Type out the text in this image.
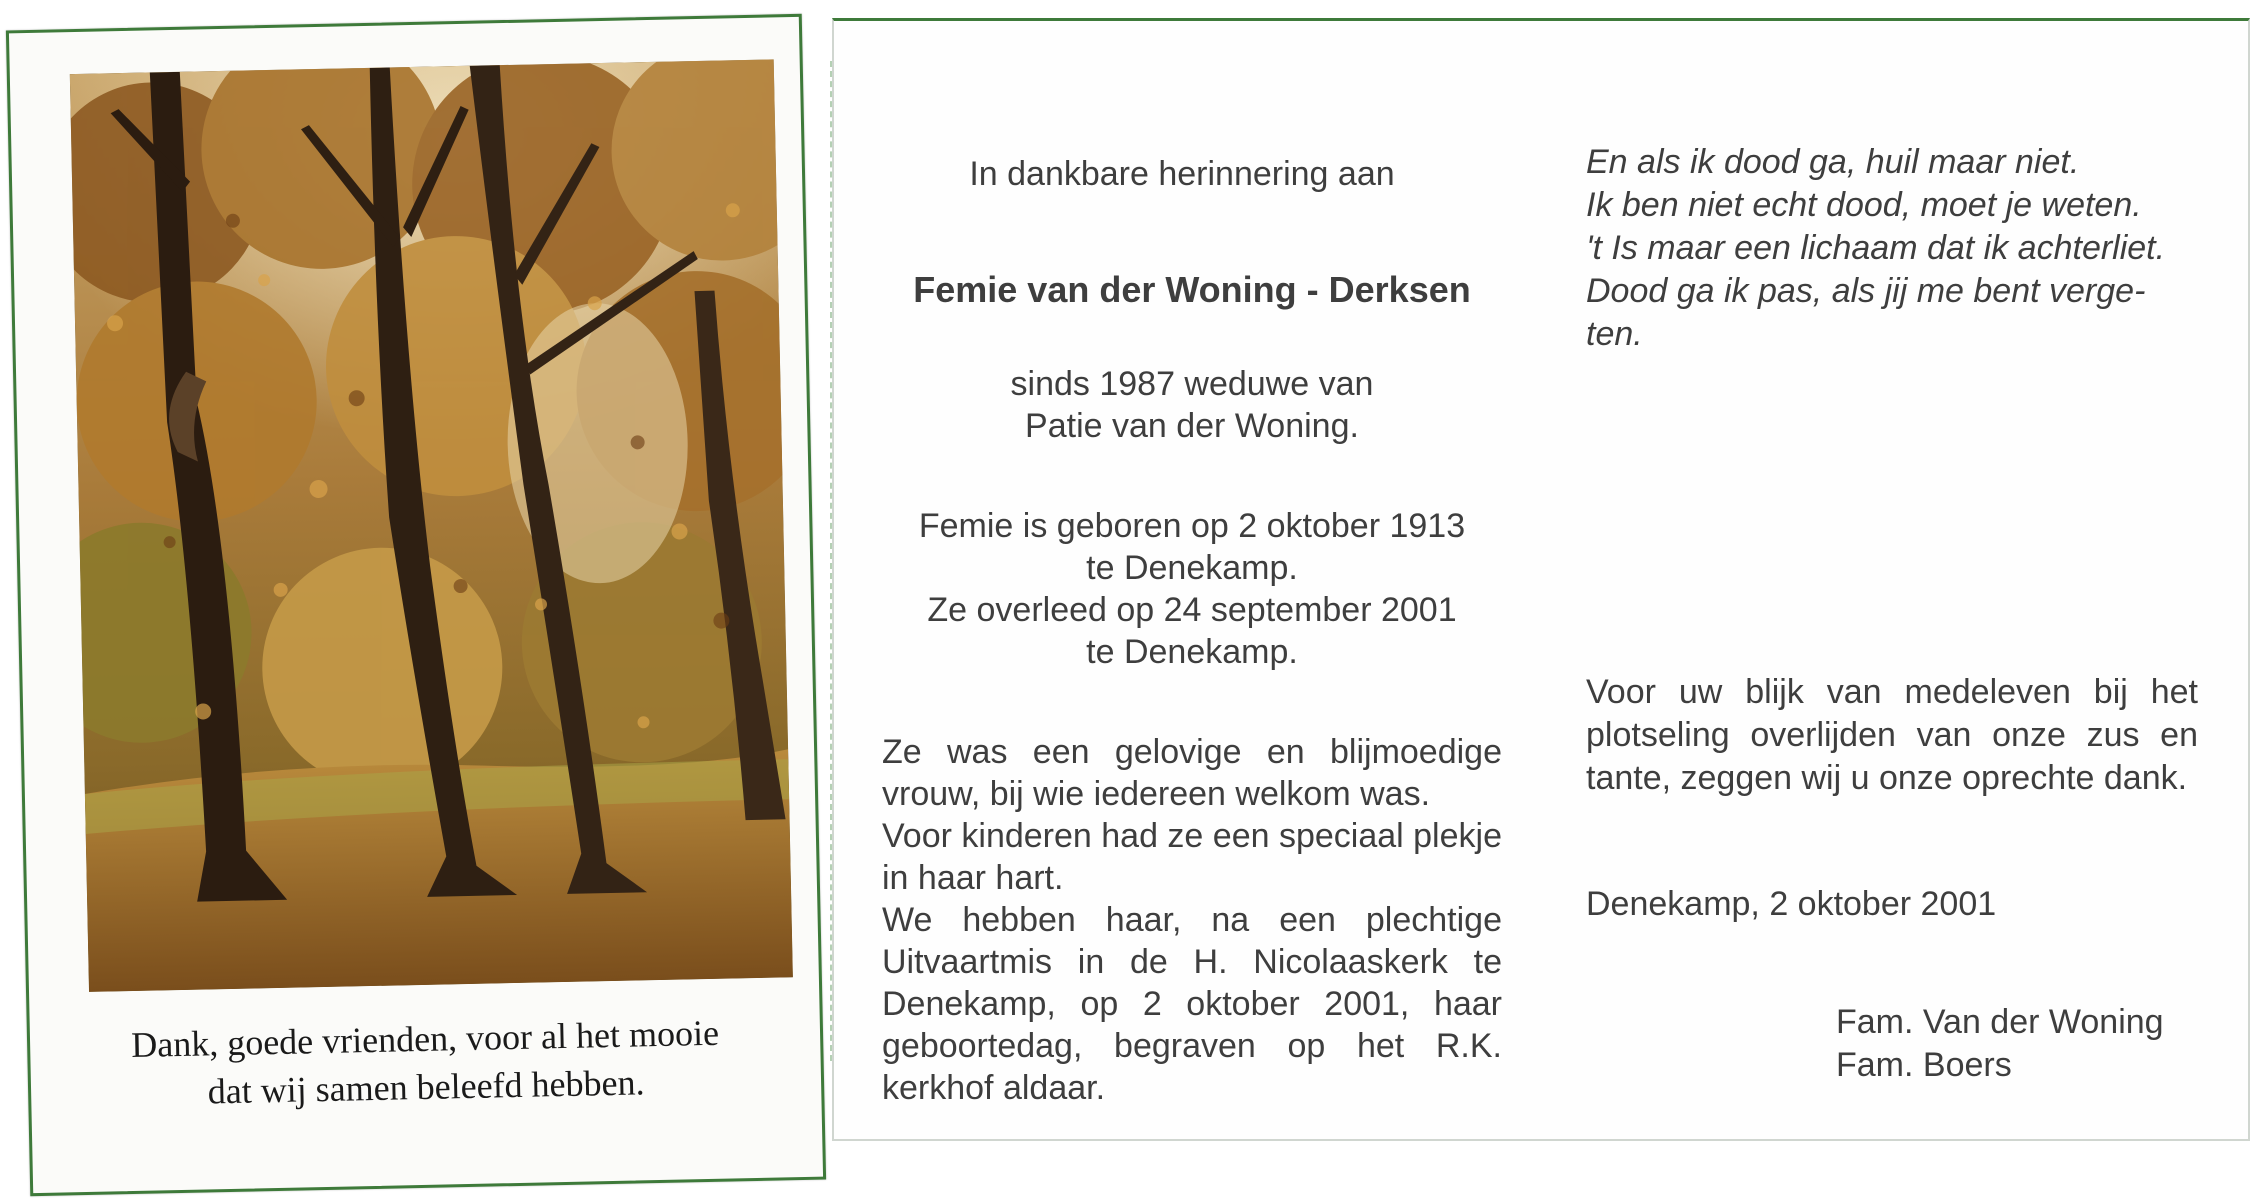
Dank, goede vrienden, voor al het mooie
dat wij samen beleefd hebben.
In dankbare herinnering aan
Femie van der Woning - Derksen
sinds 1987 weduwe van
Patie van der Woning.
Femie is geboren op 2 oktober 1913
te Denekamp.
Ze overleed op 24 september 2001
te Denekamp.

Ze was een gelovige en blijmoedige vrouw, bij wie iedereen welkom was.

Voor kinderen had ze een speciaal plekje in haar hart.

We hebben haar, na een plechtige Uitvaartmis in de H. Nicolaaskerk te Denekamp, op 2 oktober 2001, haar geboortedag, begraven op het R.K. kerkhof aldaar.

En als ik dood ga, huil maar niet.
Ik ben niet echt dood, moet je weten.
't Is maar een lichaam dat ik achterliet.
Dood ga ik pas, als jij me bent verge-
ten.
Voor uw blijk van medeleven bij het plotseling overlijden van onze zus en tante, zeggen wij u onze oprechte dank.
Denekamp, 2 oktober 2001
Fam. Van der Woning
Fam. Boers
